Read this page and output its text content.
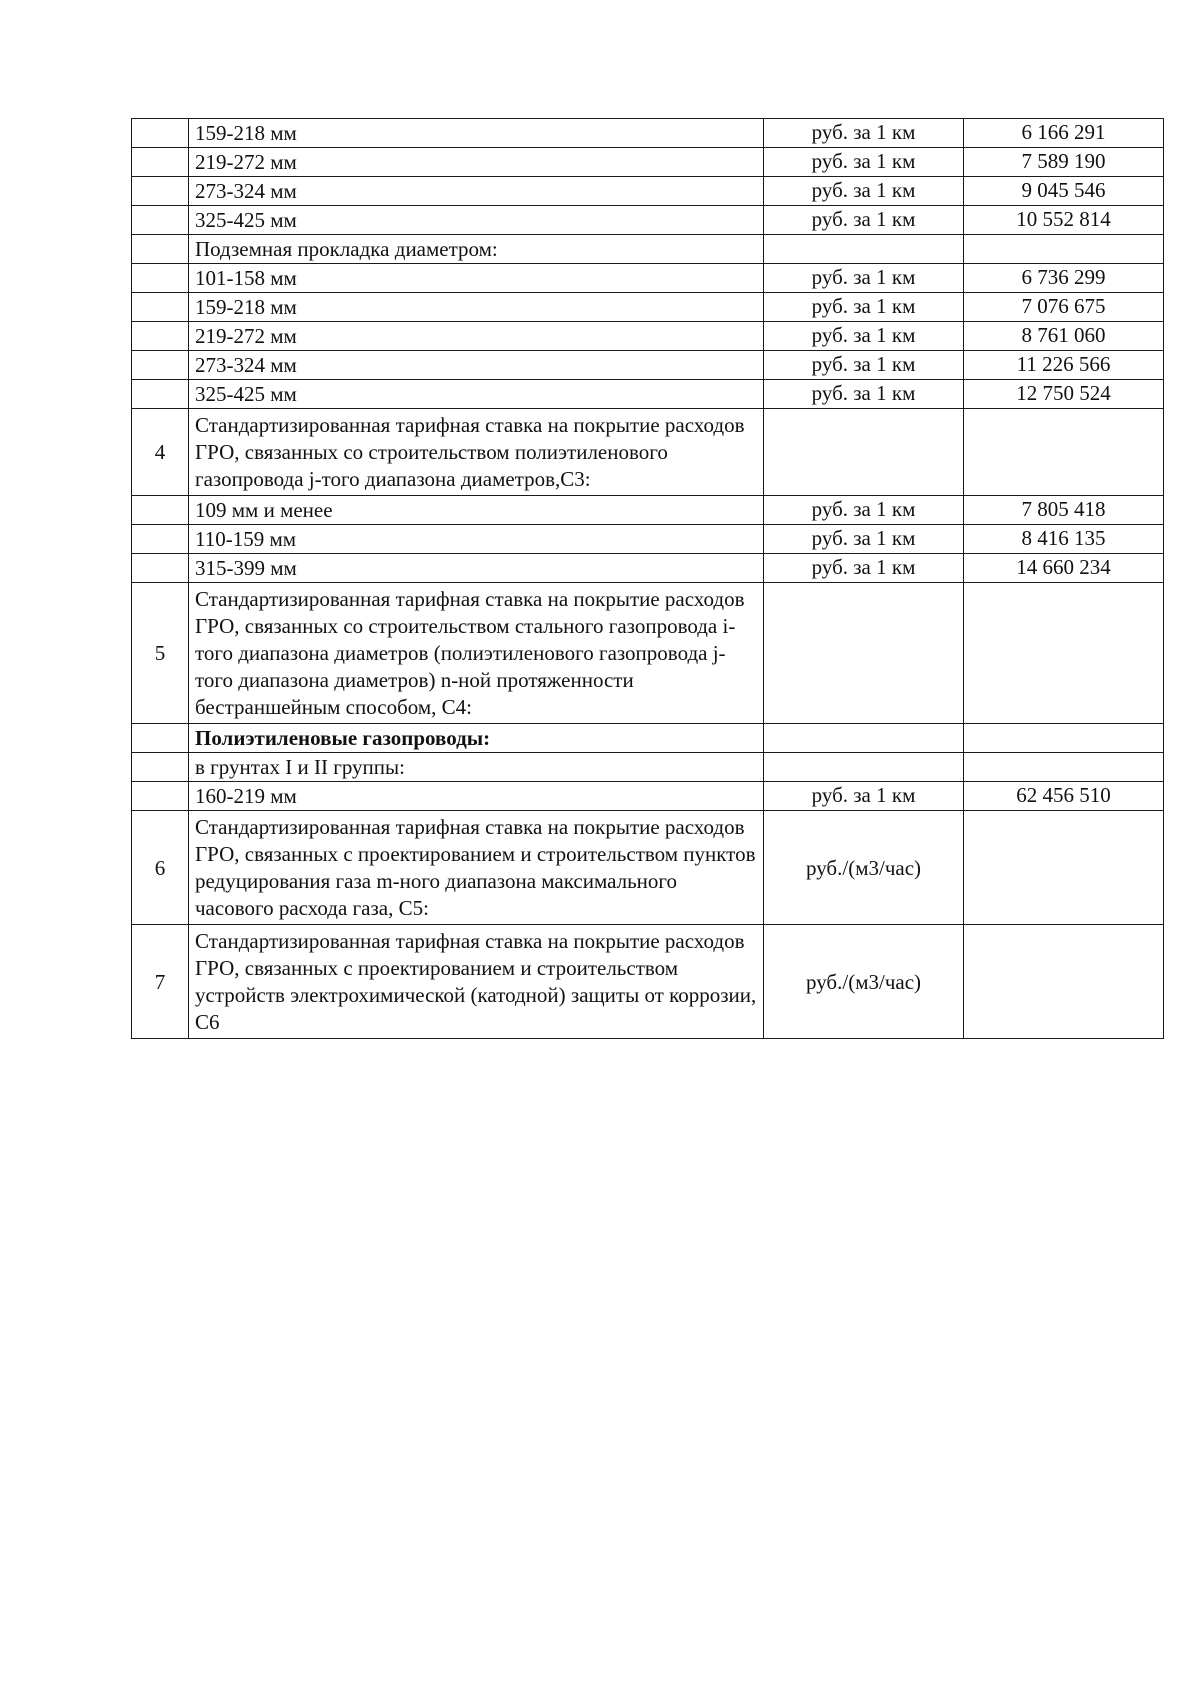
	159-218 мм	руб. за 1 км	6 166 291
	219-272 мм	руб. за 1 км	7 589 190
	273-324 мм	руб. за 1 км	9 045 546
	325-425 мм	руб. за 1 км	10 552 814
	Подземная прокладка диаметром:		
	101-158 мм	руб. за 1 км	6 736 299
	159-218 мм	руб. за 1 км	7 076 675
	219-272 мм	руб. за 1 км	8 761 060
	273-324 мм	руб. за 1 км	11 226 566
	325-425 мм	руб. за 1 км	12 750 524
4	Стандартизированная тарифная ставка на покрытие расходов ГРО, связанных со строительством полиэтиленового газопровода j-того диапазона диаметров,С3:		
	109 мм и менее	руб. за 1 км	7 805 418
	110-159 мм	руб. за 1 км	8 416 135
	315-399 мм	руб. за 1 км	14 660 234
5	Стандартизированная тарифная ставка на покрытие расходов ГРО, связанных со строительством стального газопровода i-того диапазона диаметров (полиэтиленового газопровода j-того диапазона диаметров) n-ной протяженности бестраншейным способом, С4:		
	Полиэтиленовые газопроводы:		
	в грунтах I и II группы:		
	160-219 мм	руб. за 1 км	62 456 510
6	Стандартизированная тарифная ставка на покрытие расходов ГРО, связанных с проектированием и строительством пунктов редуцирования газа m-ного диапазона максимального часового расхода газа, С5:	руб./(м3/час)	
7	Стандартизированная тарифная ставка на покрытие расходов ГРО, связанных с проектированием и строительством устройств электрохимической (катодной) защиты от коррозии, С6	руб./(м3/час)	
